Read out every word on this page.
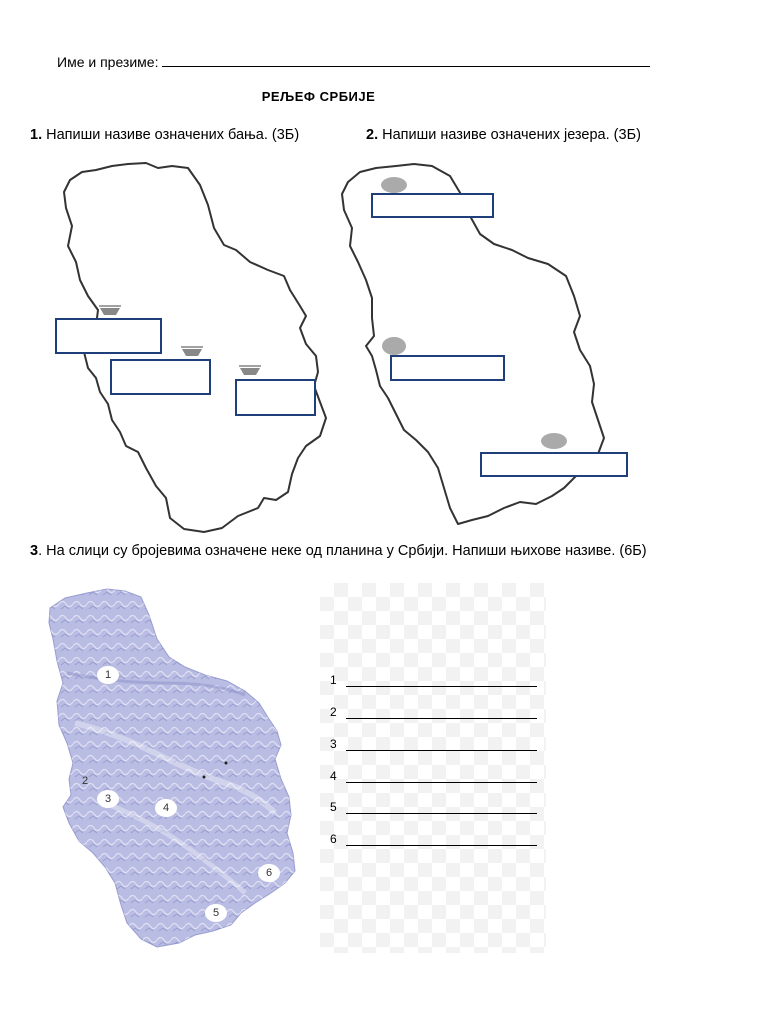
Име и презиме:
РЕЉЕФ СРБИЈЕ
1. Напиши називе означених бања. (3Б)	2. Напиши називе означених језера. (3Б)
3. На слици су бројевима означене неке од планина у Србији. Напиши њихове називе. (6Б)
1
2
3
4
5
6
1
2
3
4
5
6
